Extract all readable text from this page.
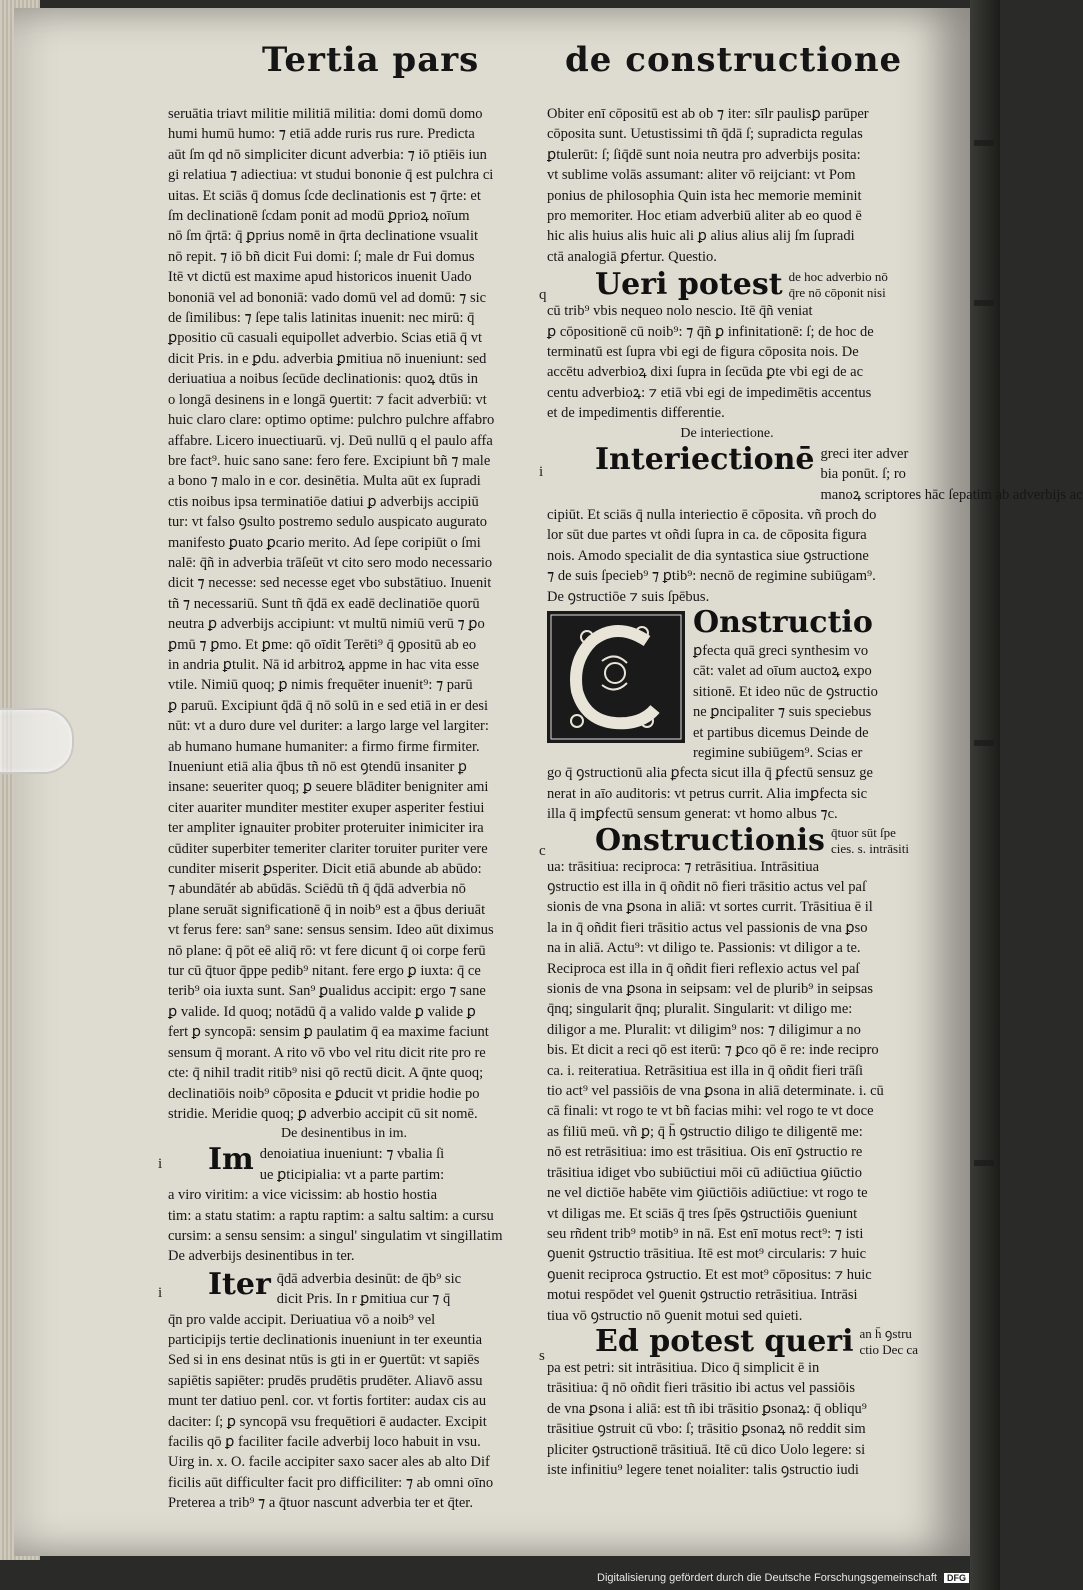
Tertia pars	de constructione
seruātia triavt militie militiā militia: domi domū domo
humi humū humo: ⁊ etiā adde ruris rus rure. Predicta
aūt ſm qd nō simpliciter dicunt adverbia: ⁊ iō ptiēis iun
gi relatiua ⁊ adiectiua: vt studui bononie q̄ est pulchra ci
uitas. Et sciās q̄ domus ſcde declinationis est ⁊ q̄rte: et
ſm declinationē ſcdam ponit ad modū ꝑprioꝝ noīum
nō ſm q̄rtā: q̄ ꝑprius nomē in q̄rta declinatione vsualit
nō repit. ⁊ iō bñ dicit Fui domi: ſ; male dr Fui domus
Itē vt dictū est maxime apud historicos inuenit Uado
bononiā vel ad bononiā: vado domū vel ad domū: ⁊ sic
de ſimilibus: ⁊ ſepe talis latinitas inuenit: nec mirū: q̄
ꝑpositio cū casuali equipollet adverbio. Scias etiā q̄ vt
dicit Pris. in e ꝑdu. adverbia ꝑmitiua nō inueniunt: sed
deriuatiua a noibus ſecūde declinationis: quoꝝ dtūs in
o longā desinens in e longā ꝯuertit: ⁊ facit adverbiū: vt
huic claro clare: optimo optime: pulchro pulchre affabro
affabre. Licero inuectiuarū. vj. Deū nullū q el paulo affa
bre fact⁹. huic sano sane: fero fere. Excipiunt bñ ⁊ male
a bono ⁊ malo in e cor. desinētia. Multa aūt ex ſupradi
ctis noibus ipsa terminatiōe datiui ꝑ adverbijs accipiū
tur: vt falso ꝯsulto postremo sedulo auspicato augurato
manifesto ꝑuato ꝑcario merito. Ad ſepe coripiūt o ſmi
nalē: q̄ñ in adverbia trāſeūt vt cito sero modo necessario
dicit ⁊ necesse: sed necesse eget vbo substātiuo. Inuenit
tñ ⁊ necessariū. Sunt tñ q̄dā ex eadē declinatiōe quorū
neutra ꝑ adverbijs accipiunt: vt multū nimiū verū ⁊ ꝑo
ꝑmū ⁊ ꝑmo. Et ꝑme: qō oīdit Terēti⁹ q̄ ꝯpositū ab eo
in andria ꝑtulit. Nā id arbitroꝝ appme in hac vita esse
vtile. Nimiū quoq; ꝑ nimis frequēter inuenit⁹: ⁊ parū
ꝑ paruū. Excipiunt q̄dā q̄ nō solū in e sed etiā in er desi
nūt: vt a duro dure vel duriter: a largo large vel largiter:
ab humano humane humaniter: a firmo firme firmiter.
Inueniunt etiā alia q̄bus tñ nō est ꝯtendū insaniter ꝑ
insane: seueriter quoq; ꝑ seuere blāditer benigniter ami
citer auariter munditer mestiter exuper asperiter festiui
ter ampliter ignauiter probiter proteruiter inimiciter ira
cūditer superbiter temeriter clariter toruiter puriter vere
cunditer miserit ꝑsperiter. Dicit etiā abunde ab abūdo:
⁊ abundātér ab abūdās. Sciēdū tñ q̄ q̄dā adverbia nō
plane seruāt significationē q̄ in noib⁹ est a q̄bus deriuāt
vt ferus fere: san⁹ sane: sensus sensim. Ideo aūt diximus
nō plane: q̄ pōt eē aliq̄ rō: vt fere dicunt q̄ oi corpe ferū
tur cū q̄tuor q̄ppe pedib⁹ nitant. fere ergo ꝑ iuxta: q̄ ce
terib⁹ oia iuxta sunt. San⁹ ꝑualidus accipit: ergo ⁊ sane
ꝑ valide. Id quoq; notādū q̄ a valido valde ꝑ valide ꝑ
fert ꝑ syncopā: sensim ꝑ paulatim q̄ ea maxime faciunt
sensum q̄ morant. A rito vō vbo vel ritu dicit rite pro re
cte: q̄ nihil tradit ritib⁹ nisi qō rectū dicit. A q̄nte quoq;
declinatiōis noib⁹ cōposita e ꝑducit vt pridie hodie po
stridie. Meridie quoq; ꝑ adverbio accipit cū sit nomē.
De desinentibus in im.
i Im denoiatiua inueniunt: ⁊ vbalia ſi
ue ꝑticipialia: vt a parte partim:
a viro viritim: a vice vicissim: ab hostio hostia
tim: a statu statim: a raptu raptim: a saltu saltim: a cursu
cursim: a sensu sensim: a singul' singulatim vt singillatim
De adverbijs desinentibus in ter.
i Iter q̄dā adverbia desinūt: de q̄b⁹ sic
dicit Pris. In r ꝑmitiua cur ⁊ q̄
q̄n pro valde accipit. Deriuatiua vō a noib⁹ vel
participijs tertie declinationis inueniunt in ter exeuntia
Sed si in ens desinat ntūs is gti in er ꝯuertūt: vt sapiēs
sapiētis sapiēter: prudēs prudētis prudēter. Aliavō assu
munt ter datiuo penl. cor. vt fortis fortiter: audax cis au
daciter: ſ; ꝑ syncopā vsu frequētiori ē audacter. Excipit
facilis qō ꝑ faciliter facile adverbij loco habuit in vsu.
Uirg in. x. O. facile accipiter saxo sacer ales ab alto Dif
ficilis aūt difficulter facit pro difficiliter: ⁊ ab omni oīno
Preterea a trib⁹ ⁊ a q̄tuor nascunt adverbia ter et q̄ter.
Obiter enī cōpositū est ab ob ⁊ iter: sīlr paulisꝑ parūper
cōposita sunt. Uetustissimi tñ q̄dā ſ; supradicta regulas
ꝑtulerūt: ſ; ſiq̄dē sunt noia neutra pro adverbijs posita:
vt sublime volās assumant: aliter vō reijciant: vt Pom
ponius de philosophia Quin ista hec memorie meminit
pro memoriter. Hoc etiam adverbiū aliter ab eo quod ē
hic alis huius alis huic ali ꝑ alius alius alij ſm ſupradi
ctā analogiā ꝑfertur. Questio.
q Ueri potest de hoc adverbio nō
q̄re nō cōponit nisi
cū trib⁹ vbis nequeo nolo nescio. Itē q̄ñ veniat
ꝑ cōpositionē cū noib⁹: ⁊ q̄ñ ꝑ infinitationē: ſ; de hoc de
terminatū est ſupra vbi egi de figura cōposita nois. De
accētu adverbioꝝ dixi ſupra in ſecūda ꝑte vbi egi de ac
centu adverbioꝝ: ⁊ etiā vbi egi de impedimētis accentus
et de impedimentis differentie.
De interiectione.
i Interiectionē greci iter adver
bia ponūt. ſ; ro
manoꝝ scriptores hāc ſepatim ab adverbijs ac
cipiūt. Et sciās q̄ nulla interiectio ē cōposita. vñ proch do
lor sūt due partes vt oñdi ſupra in ca. de cōposita figura
nois. Amodo specialit de dia syntastica siue ꝯstructione
⁊ de suis ſpecieb⁹ ⁊ ꝑtib⁹: necnō de regimine subiūgam⁹.
De ꝯstructiōe ⁊ suis ſpēbus.
Onstructio
ꝑfecta quā greci synthesim vo
cāt: valet ad oīum auctoꝝ expo
sitionē. Et ideo nūc de ꝯstructio
ne ꝑncipaliter ⁊ suis speciebus
et partibus dicemus Deinde de
regimine subiūgem⁹. Scias er
go q̄ ꝯstructionū alia ꝑfecta sicut illa q̄ ꝑfectū sensuz ge
nerat in aīo auditoris: vt petrus currit. Alia imꝑfecta sic
illa q̄ imꝑfectū sensum generat: vt homo albus ⁊c.
c Onstructionis q̄tuor sūt ſpe
cies. s. intrāsiti
ua: trāsitiua: reciproca: ⁊ retrāsitiua. Intrāsitiua
ꝯstructio est illa in q̄ oñdit nō fieri trāsitio actus vel paſ
sionis de vna ꝑsona in aliā: vt sortes currit. Trāsitiua ē il
la in q̄ oñdit fieri trāsitio actus vel passionis de vna ꝑso
na in aliā. Actu⁹: vt diligo te. Passionis: vt diligor a te.
Reciproca est illa in q̄ oñdit fieri reflexio actus vel paſ
sionis de vna ꝑsona in seipsam: vel de plurib⁹ in seipsas
q̄nq; singularit q̄nq; pluralit. Singularit: vt diligo me:
diligor a me. Pluralit: vt diligim⁹ nos: ⁊ diligimur a no
bis. Et dicit a reci qō est iterū: ⁊ ꝑco qō ē re: inde recipro
ca. i. reiteratiua. Retrāsitiua est illa in q̄ oñdit fieri trāſi
tio act⁹ vel passiōis de vna ꝑsona in aliā determinate. i. cū
cā finali: vt rogo te vt bñ facias mihi: vel rogo te vt doce
as filiū meū. vñ ꝑ; q̄ h̄ ꝯstructio diligo te diligentē me:
nō est retrāsitiua: imo est trāsitiua. Ois enī ꝯstructio re
trāsitiua idiget vbo subiūctiui mōi cū adiūctiua ꝯiūctio
ne vel dictiōe habēte vim ꝯiūctiōis adiūctiue: vt rogo te
vt diligas me. Et sciās q̄ tres ſpēs ꝯstructiōis ꝯueniunt
seu rñdent trib⁹ motib⁹ in nā. Est enī motus rect⁹: ⁊ isti
ꝯuenit ꝯstructio trāsitiua. Itē est mot⁹ circularis: ⁊ huic
ꝯuenit reciproca ꝯstructio. Et est mot⁹ cōpositus: ⁊ huic
motui respōdet vel ꝯuenit ꝯstructio retrāsitiua. Intrāsi
tiua vō ꝯstructio nō ꝯuenit motui sed quieti.
s Ed potest queri an h̄ ꝯstru
ctio Dec ca
pa est petri: sit intrāsitiua. Dico q̄ simplicit ē in
trāsitiua: q̄ nō oñdit fieri trāsitio ibi actus vel passiōis
de vna ꝑsona i aliā: est tñ ibi trāsitio ꝑsonaꝝ: q̄ obliqu⁹
trāsitiue ꝯstruit cū vbo: ſ; trāsitio ꝑsonaꝝ nō reddit sim
pliciter ꝯstructionē trāsitiuā. Itē cū dico Uolo legere: si
iste infinitiu⁹ legere tenet noialiter: talis ꝯstructio iudi
Digitalisierung gefördert durch die Deutsche Forschungsgemeinschaft DFG
